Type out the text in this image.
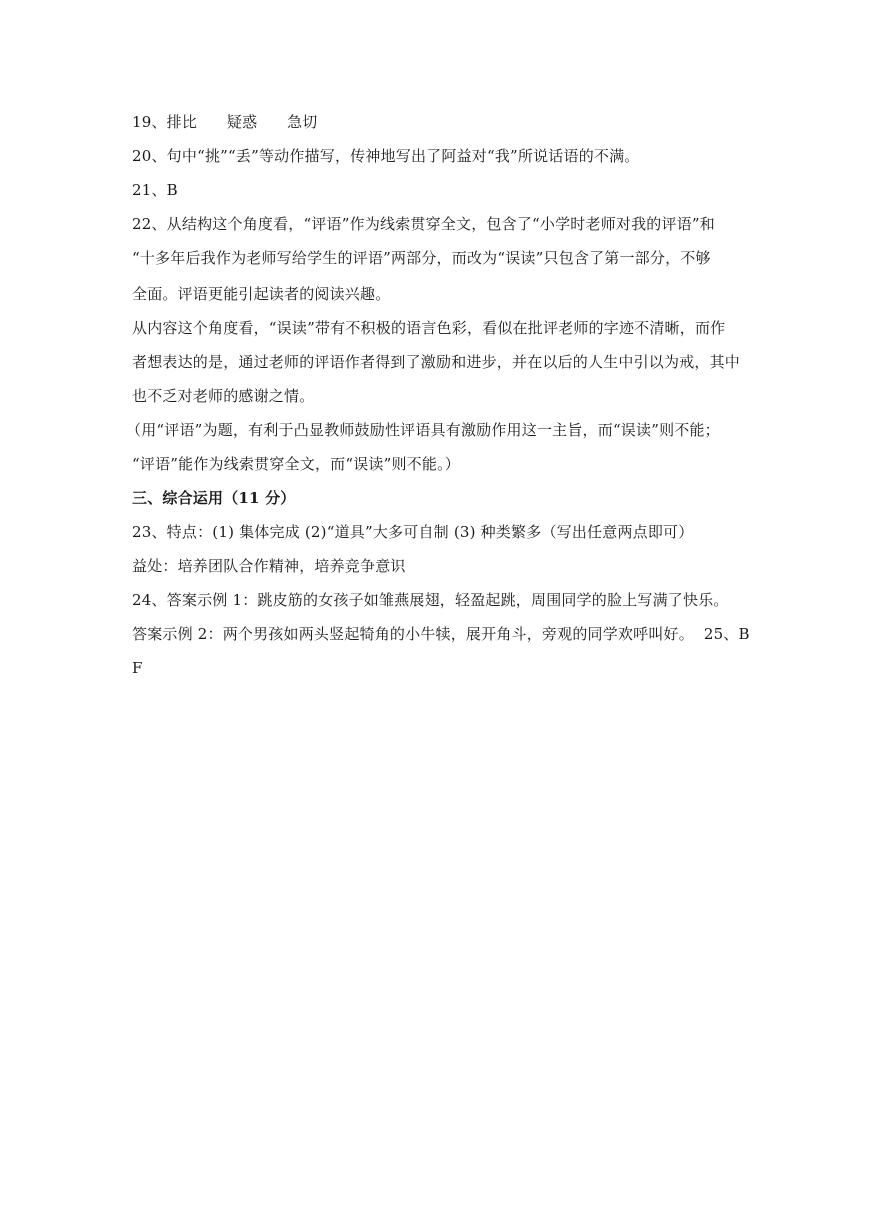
19、排比      疑惑      急切
20、句中“挑”“丢”等动作描写，传神地写出了阿益对“我”所说话语的不满。
21、B
22、从结构这个角度看，“评语”作为线索贯穿全文，包含了“小学时老师对我的评语”和
“十多年后我作为老师写给学生的评语”两部分，而改为“误读”只包含了第一部分，不够
全面。评语更能引起读者的阅读兴趣。
从内容这个角度看，“误读”带有不积极的语言色彩，看似在批评老师的字迹不清晰，而作
者想表达的是，通过老师的评语作者得到了激励和进步，并在以后的人生中引以为戒，其中
也不乏对老师的感谢之情。
（用“评语”为题，有利于凸显教师鼓励性评语具有激励作用这一主旨，而“误读”则不能；
“评语”能作为线索贯穿全文，而“误读”则不能。）
三、综合运用（11 分）
23、特点：(1) 集体完成 (2)“道具”大多可自制 (3) 种类繁多（写出任意两点即可）
益处：培养团队合作精神，培养竞争意识
24、答案示例 1：跳皮筋的女孩子如雏燕展翅，轻盈起跳，周围同学的脸上写满了快乐。
答案示例 2：两个男孩如两头竖起犄角的小牛犊，展开角斗，旁观的同学欢呼叫好。  25、B
F
